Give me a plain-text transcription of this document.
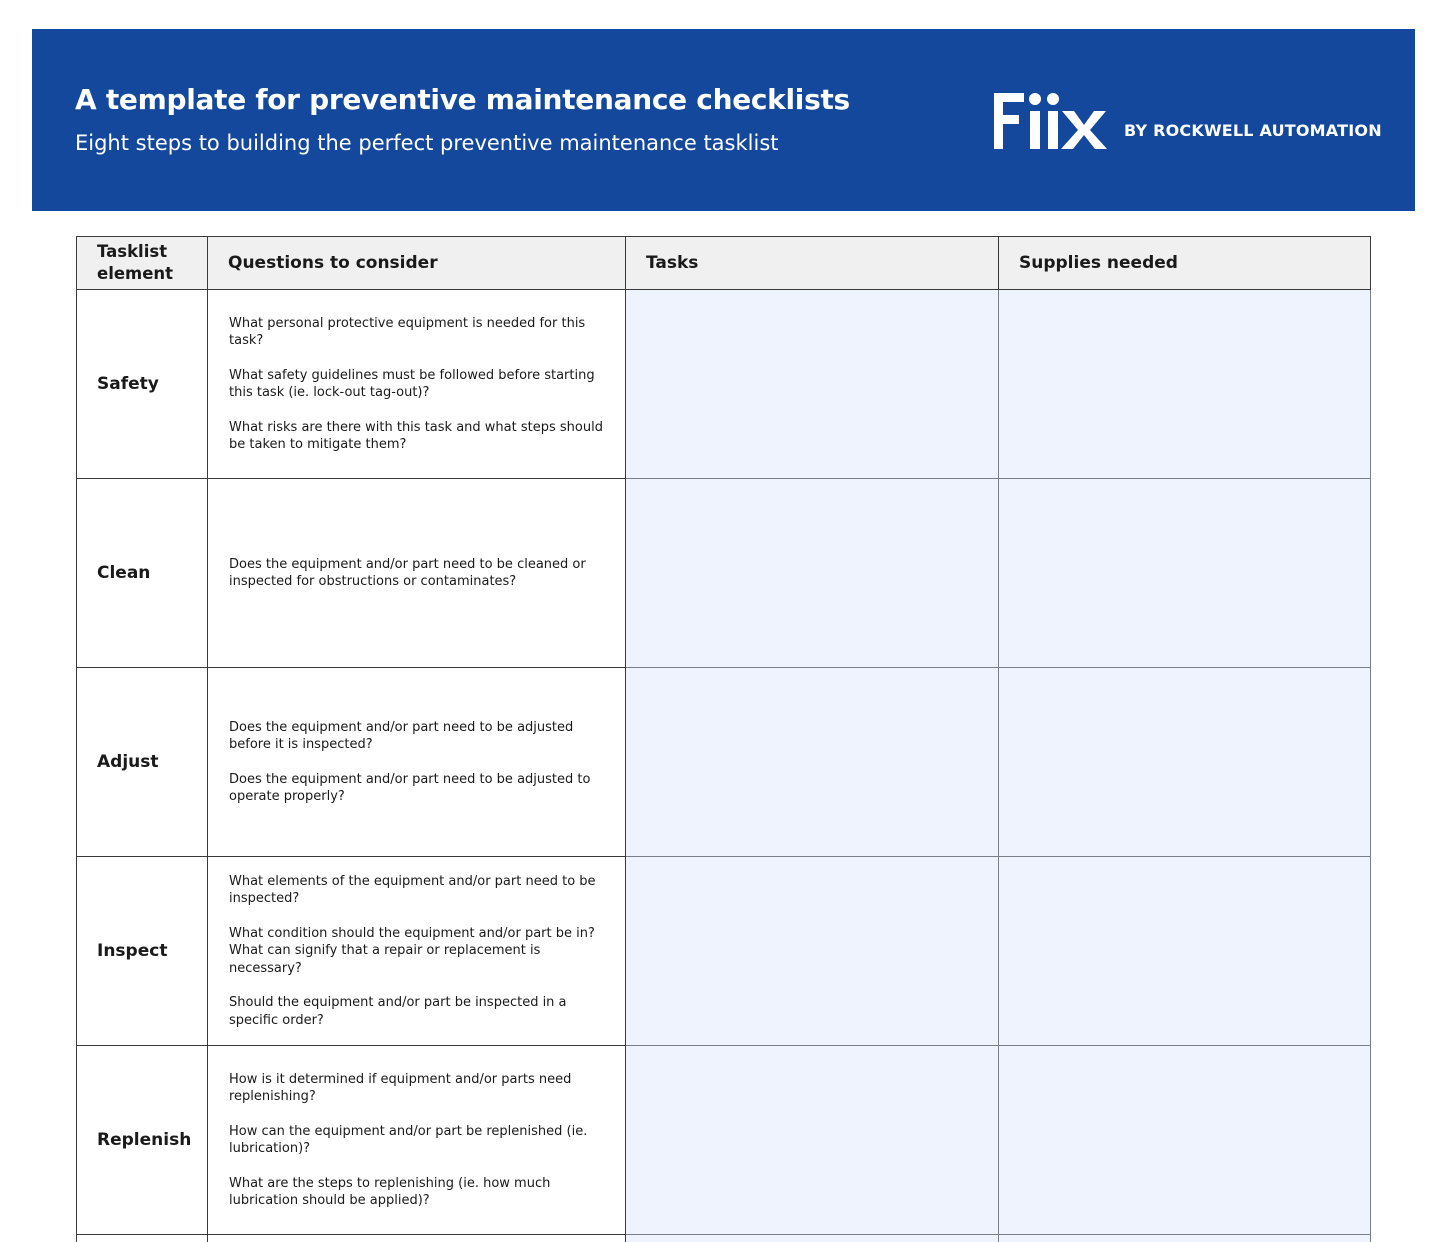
A template for preventive maintenance checklists
Eight steps to building the perfect preventive maintenance tasklist
BY ROCKWELL AUTOMATION
Tasklist element	Questions to consider	Tasks	Supplies needed
Safety	What personal protective equipment is needed for this task?

What safety guidelines must be followed before starting this task (ie. lock-out tag-out)?

What risks are there with this task and what steps should be taken to mitigate them?		

Clean	Does the equipment and/or part need to be cleaned or inspected for obstructions or contaminates?		

Adjust	Does the equipment and/or part need to be adjusted before it is inspected?

Does the equipment and/or part need to be adjusted to operate properly?		

Inspect	What elements of the equipment and/or part need to be inspected?

What condition should the equipment and/or part be in? What can signify that a repair or replacement is necessary?

Should the equipment and/or part be inspected in a specific order?		

Replenish	How is it determined if equipment and/or parts need replenishing?

How can the equipment and/or part be replenished (ie. lubrication)?

What are the steps to replenishing (ie. how much lubrication should be applied)?		
